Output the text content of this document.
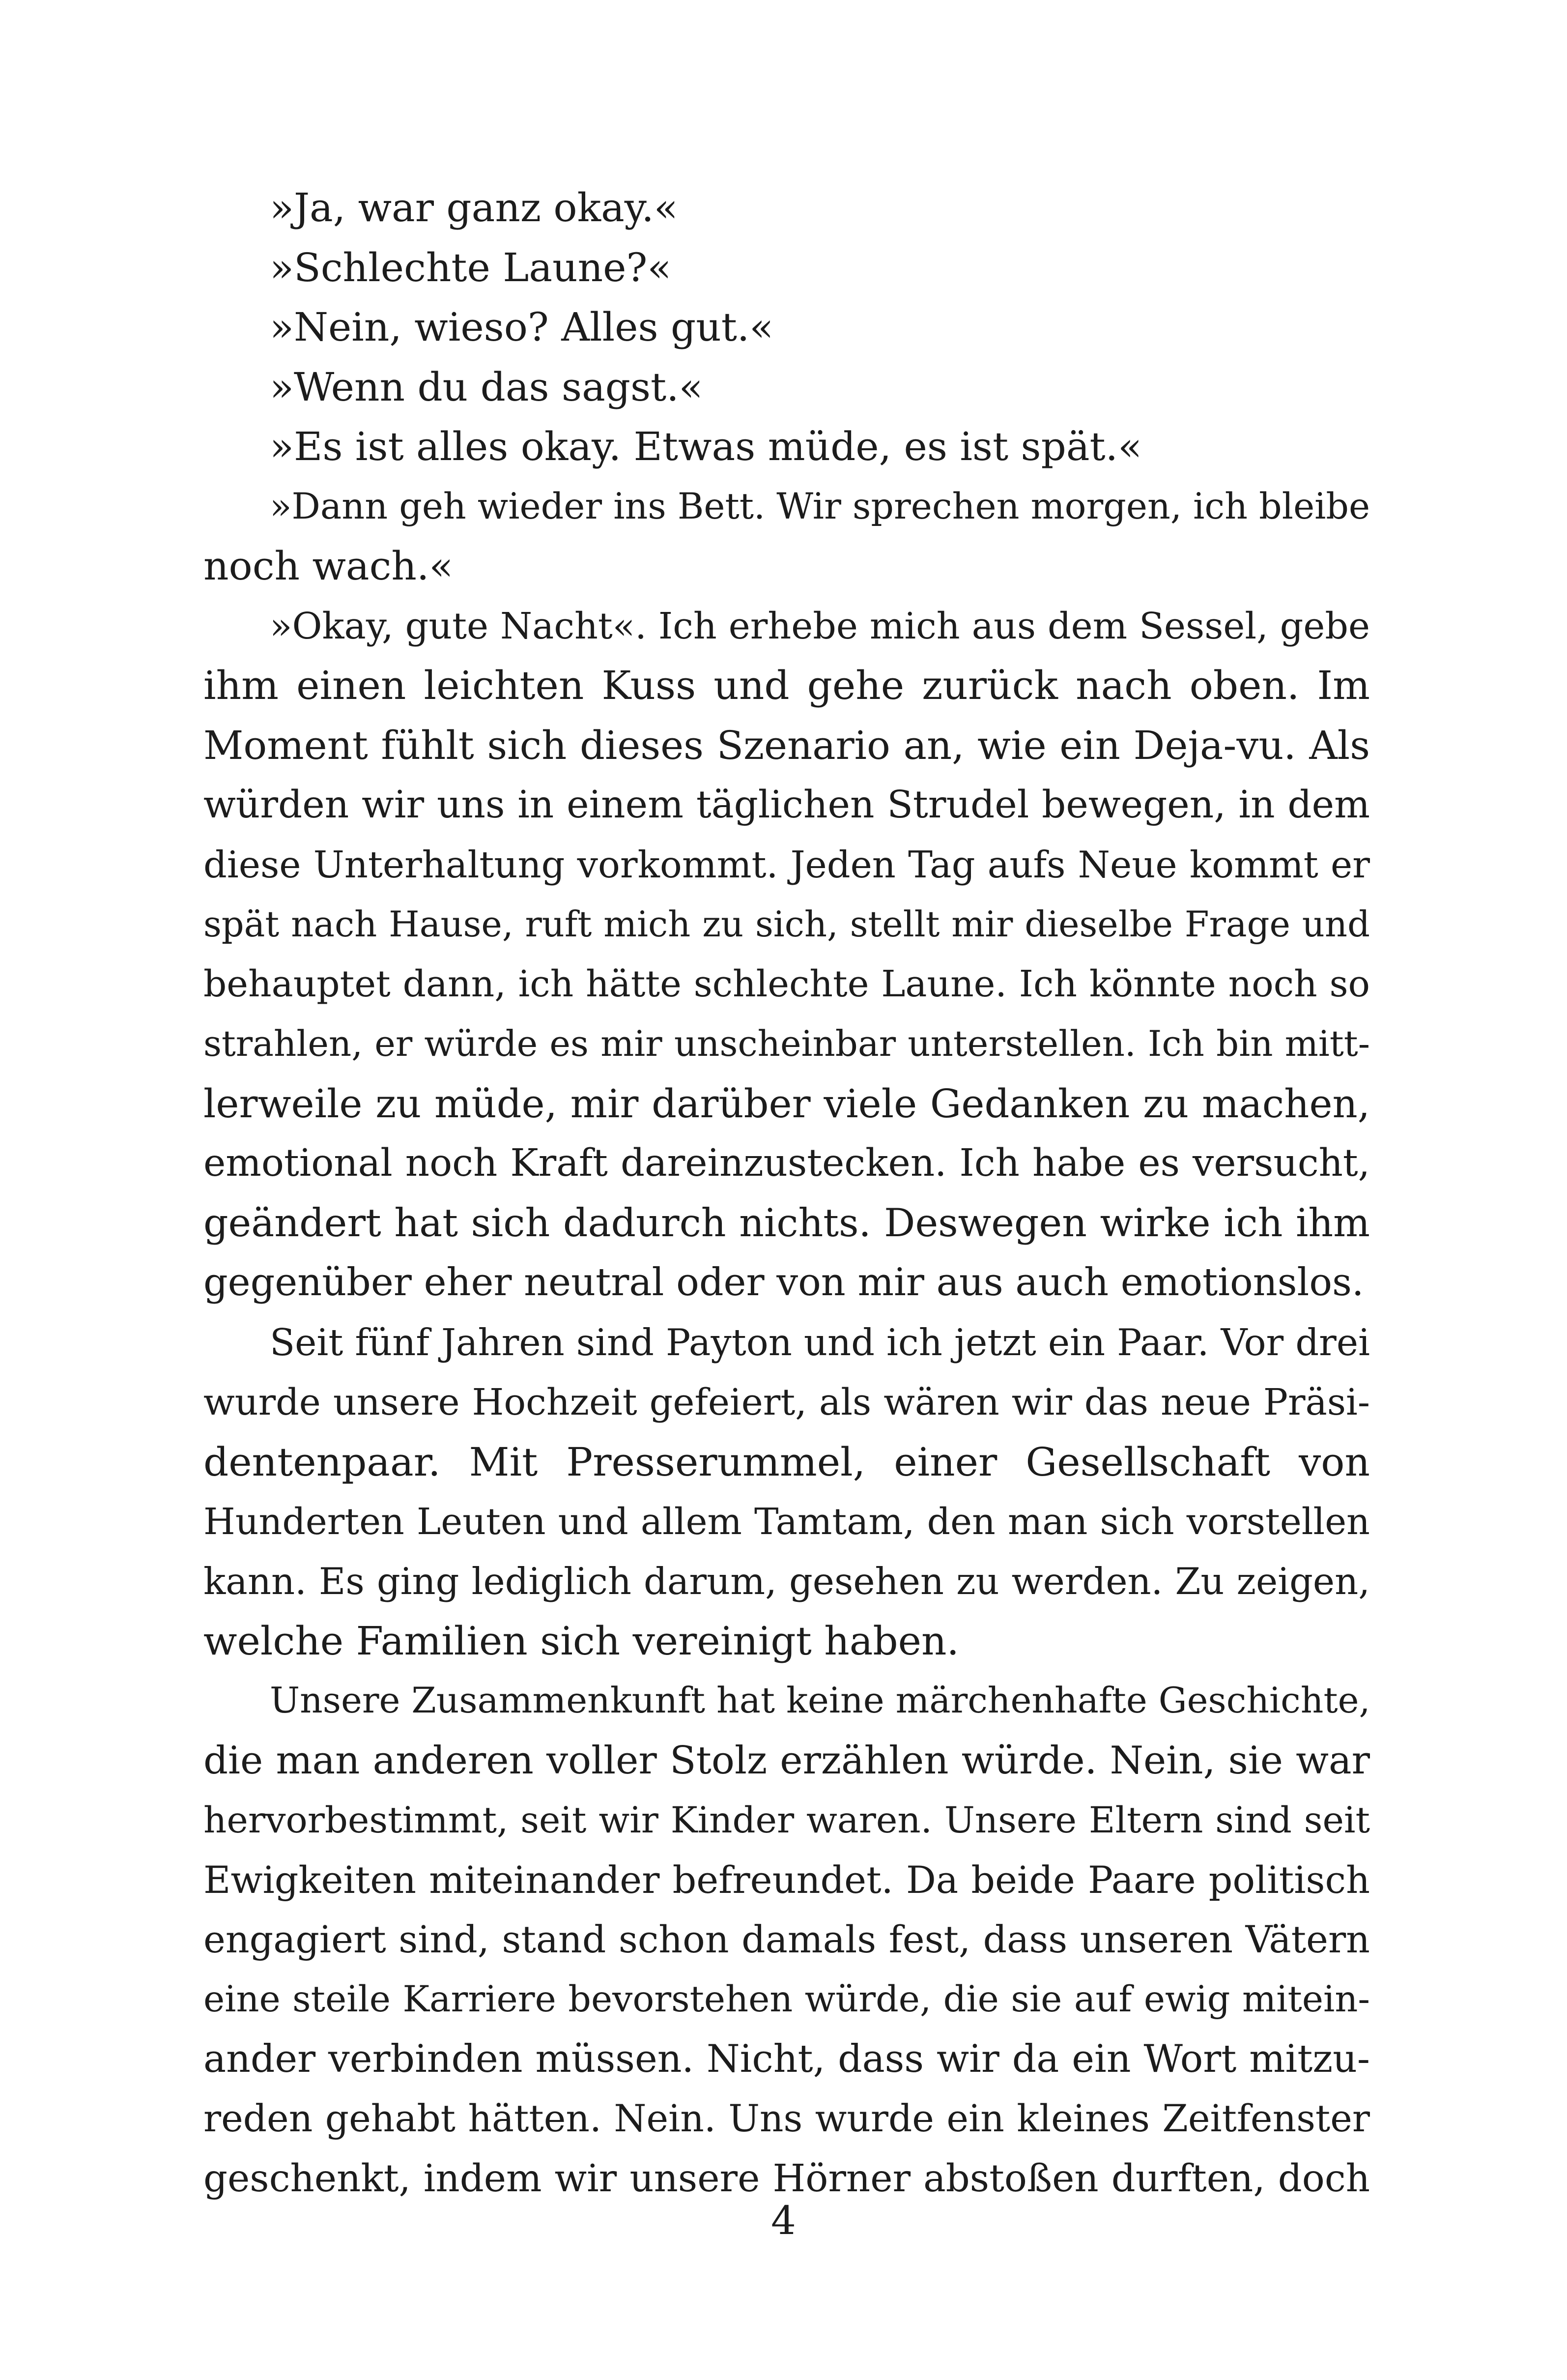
»Ja, war ganz okay.«
»Schlechte Laune?«
»Nein, wieso? Alles gut.«
»Wenn du das sagst.«
»Es ist alles okay. Etwas müde, es ist spät.«
»Dann geh wieder ins Bett. Wir sprechen morgen, ich bleibe
noch wach.«
»Okay, gute Nacht«. Ich erhebe mich aus dem Sessel, gebe
ihm einen leichten Kuss und gehe zurück nach oben. Im
Moment fühlt sich dieses Szenario an, wie ein Deja-vu. Als
würden wir uns in einem täglichen Strudel bewegen, in dem
diese Unterhaltung vorkommt. Jeden Tag aufs Neue kommt er
spät nach Hause, ruft mich zu sich, stellt mir dieselbe Frage und
behauptet dann, ich hätte schlechte Laune. Ich könnte noch so
strahlen, er würde es mir unscheinbar unterstellen. Ich bin mitt-
lerweile zu müde, mir darüber viele Gedanken zu machen,
emotional noch Kraft dareinzustecken. Ich habe es versucht,
geändert hat sich dadurch nichts. Deswegen wirke ich ihm
gegenüber eher neutral oder von mir aus auch emotionslos.
Seit fünf Jahren sind Payton und ich jetzt ein Paar. Vor drei
wurde unsere Hochzeit gefeiert, als wären wir das neue Präsi-
dentenpaar. Mit Presserummel, einer Gesellschaft von
Hunderten Leuten und allem Tamtam, den man sich vorstellen
kann. Es ging lediglich darum, gesehen zu werden. Zu zeigen,
welche Familien sich vereinigt haben.
Unsere Zusammenkunft hat keine märchenhafte Geschichte,
die man anderen voller Stolz erzählen würde. Nein, sie war
hervorbestimmt, seit wir Kinder waren. Unsere Eltern sind seit
Ewigkeiten miteinander befreundet. Da beide Paare politisch
engagiert sind, stand schon damals fest, dass unseren Vätern
eine steile Karriere bevorstehen würde, die sie auf ewig mitein-
ander verbinden müssen. Nicht, dass wir da ein Wort mitzu-
reden gehabt hätten. Nein. Uns wurde ein kleines Zeitfenster
geschenkt, indem wir unsere Hörner abstoßen durften, doch
4
